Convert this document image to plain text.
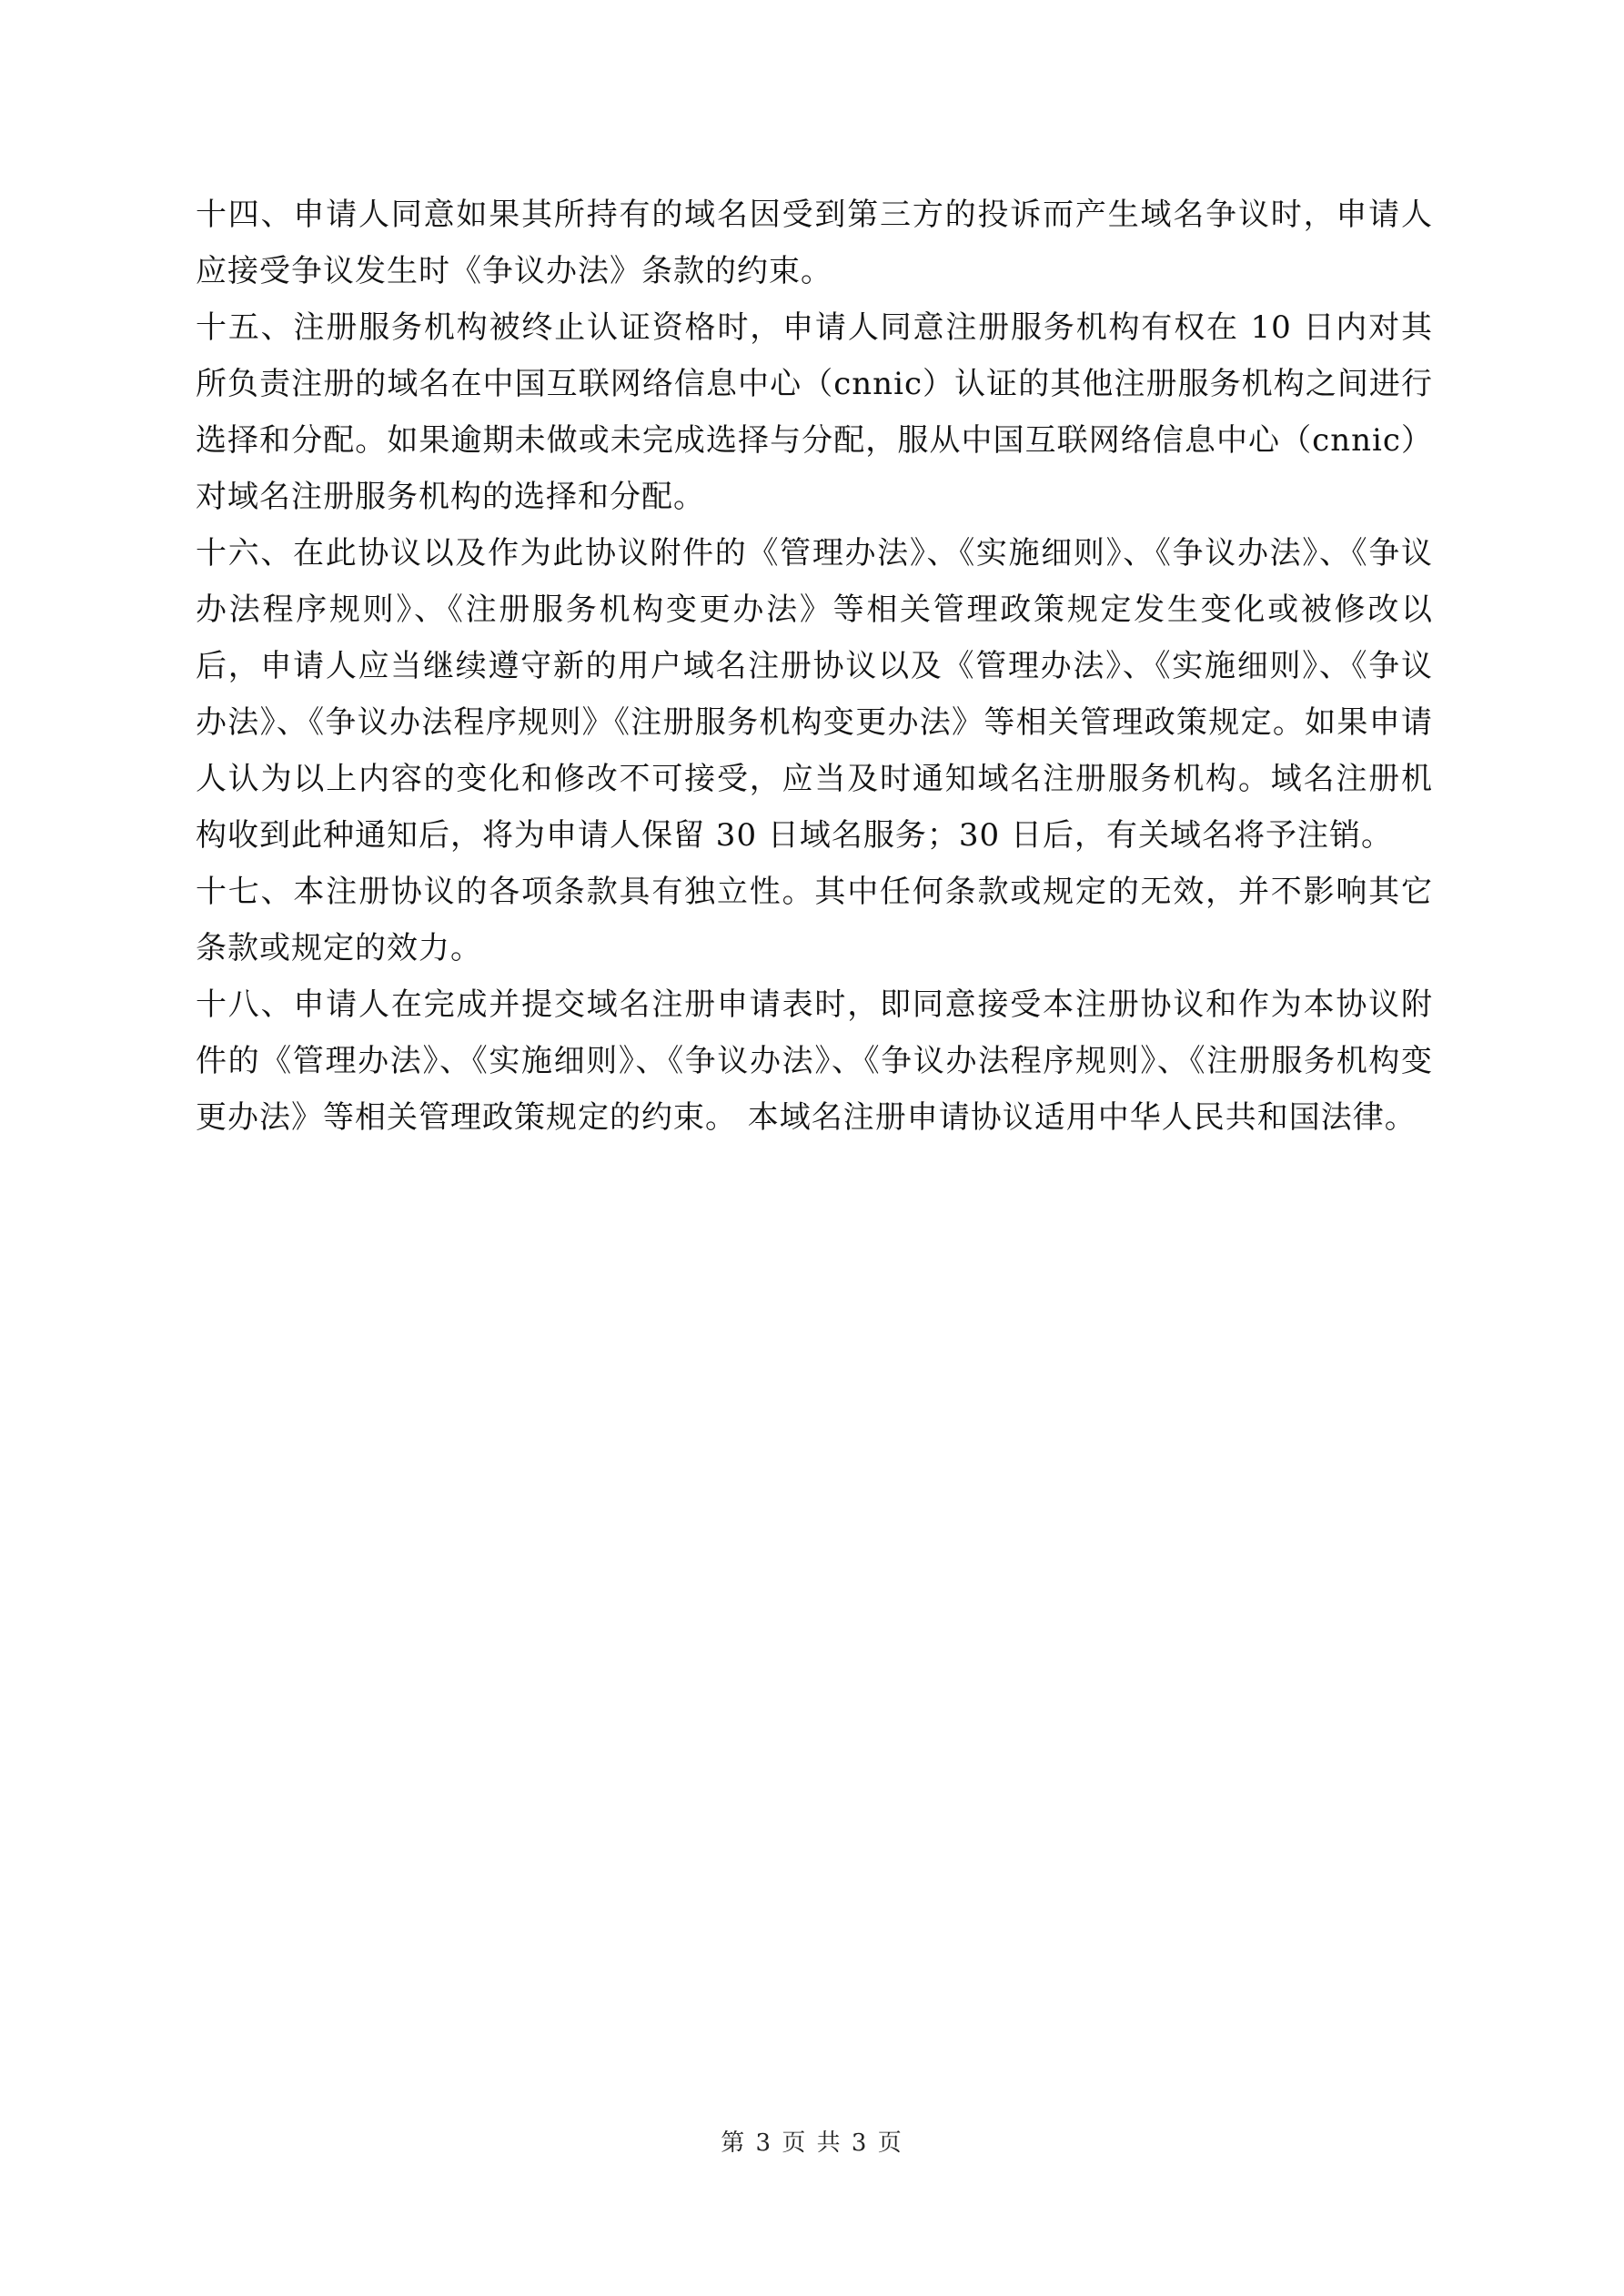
十四、申请人同意如果其所持有的域名因受到第三方的投诉而产生域名争议时，申请人应接受争议发生时《争议办法》条款的约束。

十五、注册服务机构被终止认证资格时，申请人同意注册服务机构有权在 10 日内对其所负责注册的域名在中国互联网络信息中心（cnnic）认证的其他注册服务机构之间进行选择和分配。如果逾期未做或未完成选择与分配，服从中国互联网络信息中心（cnnic）对域名注册服务机构的选择和分配。

十六、在此协议以及作为此协议附件的《管理办法》、《实施细则》、《争议办法》、《争议办法程序规则》、《注册服务机构变更办法》等相关管理政策规定发生变化或被修改以后，申请人应当继续遵守新的用户域名注册协议以及《管理办法》、《实施细则》、《争议办法》、《争议办法程序规则》《注册服务机构变更办法》等相关管理政策规定。如果申请人认为以上内容的变化和修改不可接受，应当及时通知域名注册服务机构。域名注册机构收到此种通知后，将为申请人保留 30 日域名服务；30 日后，有关域名将予注销。

十七、本注册协议的各项条款具有独立性。其中任何条款或规定的无效，并不影响其它条款或规定的效力。

十八、申请人在完成并提交域名注册申请表时，即同意接受本注册协议和作为本协议附件的《管理办法》、《实施细则》、《争议办法》、《争议办法程序规则》、《注册服务机构变更办法》等相关管理政策规定的约束。 本域名注册申请协议适用中华人民共和国法律。

第 3 页 共 3 页
